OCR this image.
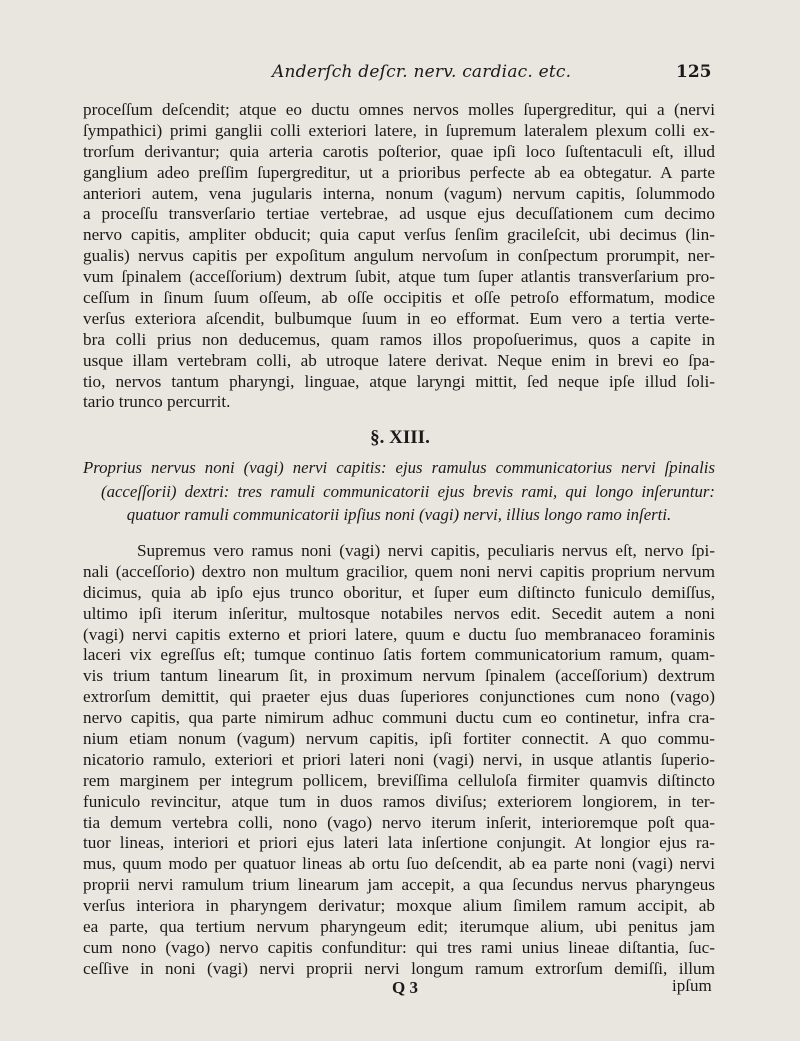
Anderſch deſcr. nerv. cardiac. etc.	125
proceſſum deſcendit; atque eo ductu omnes nervos molles ſupergreditur, qui a (nervi
ſympathici) primi ganglii colli exteriori latere, in ſupremum lateralem plexum colli ex-
trorſum derivantur; quia arteria carotis poſterior, quae ipſi loco ſuſtentaculi eſt, illud
ganglium adeo preſſim ſupergreditur, ut a prioribus perfecte ab ea obtegatur. A parte
anteriori autem, vena jugularis interna, nonum (vagum) nervum capitis, ſolummodo
a proceſſu transverſario tertiae vertebrae, ad usque ejus decuſſationem cum decimo
nervo capitis, ampliter obducit; quia caput verſus ſenſim gracileſcit, ubi decimus (lin-
gualis) nervus capitis per expoſitum angulum nervoſum in conſpectum prorumpit, ner-
vum ſpinalem (acceſſorium) dextrum ſubit, atque tum ſuper atlantis transverſarium pro-
ceſſum in ſinum ſuum oſſeum, ab oſſe occipitis et oſſe petroſo efformatum, modice
verſus exteriora aſcendit, bulbumque ſuum in eo efformat. Eum vero a tertia verte-
bra colli prius non deducemus, quam ramos illos propoſuerimus, quos a capite in
usque illam vertebram colli, ab utroque latere derivat. Neque enim in brevi eo ſpa-
tio, nervos tantum pharyngi, linguae, atque laryngi mittit, ſed neque ipſe illud ſoli-
tario trunco percurrit.
§. XIII.
Proprius nervus noni (vagi) nervi capitis: ejus ramulus communicatorius nervi ſpinalis
(acceſſorii) dextri: tres ramuli communicatorii ejus brevis rami, qui longo inſeruntur:
quatuor ramuli communicatorii ipſius noni (vagi) nervi, illius longo ramo inſerti.
Supremus vero ramus noni (vagi) nervi capitis, peculiaris nervus eſt, nervo ſpi-
nali (acceſſorio) dextro non multum gracilior, quem noni nervi capitis proprium nervum
dicimus, quia ab ipſo ejus trunco oboritur, et ſuper eum diſtincto funiculo demiſſus,
ultimo ipſi iterum inſeritur, multosque notabiles nervos edit. Secedit autem a noni
(vagi) nervi capitis externo et priori latere, quum e ductu ſuo membranaceo foraminis
laceri vix egreſſus eſt; tumque continuo ſatis fortem communicatorium ramum, quam-
vis trium tantum linearum ſit, in proximum nervum ſpinalem (acceſſorium) dextrum
extrorſum demittit, qui praeter ejus duas ſuperiores conjunctiones cum nono (vago)
nervo capitis, qua parte nimirum adhuc communi ductu cum eo continetur, infra cra-
nium etiam nonum (vagum) nervum capitis, ipſi fortiter connectit. A quo commu-
nicatorio ramulo, exteriori et priori lateri noni (vagi) nervi, in usque atlantis ſuperio-
rem marginem per integrum pollicem, breviſſima celluloſa firmiter quamvis diſtincto
funiculo revincitur, atque tum in duos ramos diviſus; exteriorem longiorem, in ter-
tia demum vertebra colli, nono (vago) nervo iterum inſerit, interioremque poſt qua-
tuor lineas, interiori et priori ejus lateri lata inſertione conjungit. At longior ejus ra-
mus, quum modo per quatuor lineas ab ortu ſuo deſcendit, ab ea parte noni (vagi) nervi
proprii nervi ramulum trium linearum jam accepit, a qua ſecundus nervus pharyngeus
verſus interiora in pharyngem derivatur; moxque alium ſimilem ramum accipit, ab
ea parte, qua tertium nervum pharyngeum edit; iterumque alium, ubi penitus jam
cum nono (vago) nervo capitis confunditur: qui tres rami unius lineae diſtantia, ſuc-
ceſſive in noni (vagi) nervi proprii nervi longum ramum extrorſum demiſſi, illum
Q 3	ipſum
